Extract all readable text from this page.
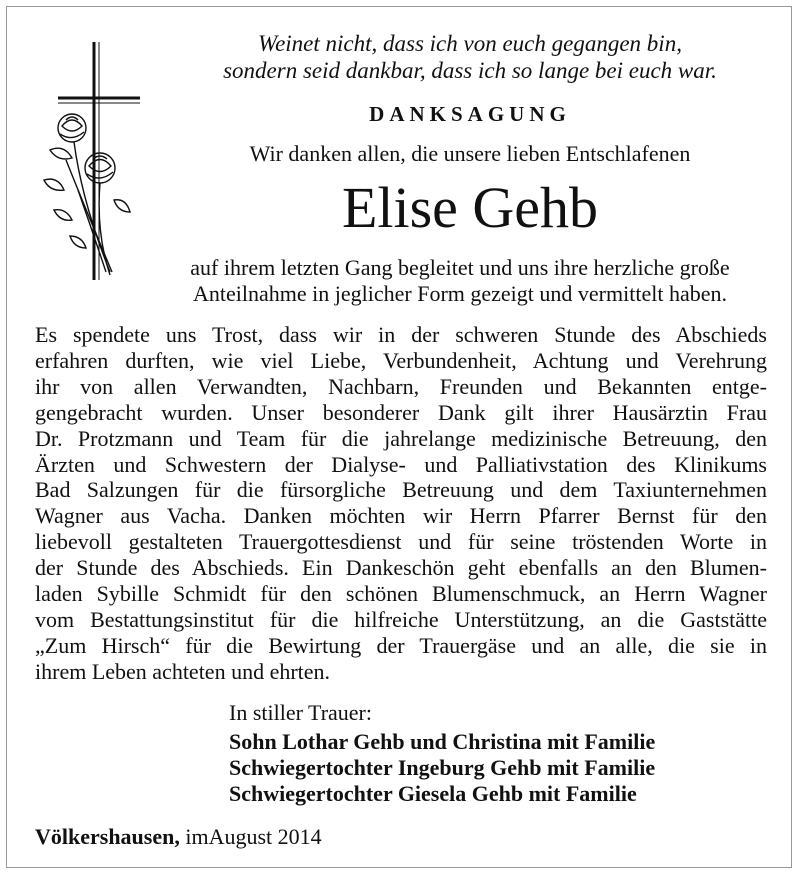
Weinet nicht, dass ich von euch gegangen bin,
sondern seid dankbar, dass ich so lange bei euch war.
DANKSAGUNG
Wir danken allen, die unsere lieben Entschlafenen
Elise Gehb
auf ihrem letzten Gang begleitet und uns ihre herzliche große
Anteilnahme in jeglicher Form gezeigt und vermittelt haben.
Es spendete uns Trost, dass wir in der schweren Stunde des Abschieds
erfahren durften, wie viel Liebe, Verbundenheit, Achtung und Verehrung
ihr von allen Verwandten, Nachbarn, Freunden und Bekannten entge-
gengebracht wurden. Unser besonderer Dank gilt ihrer Hausärztin Frau
Dr. Protzmann und Team für die jahrelange medizinische Betreuung, den
Ärzten und Schwestern der Dialyse- und Palliativstation des Klinikums
Bad Salzungen für die fürsorgliche Betreuung und dem Taxiunternehmen
Wagner aus Vacha. Danken möchten wir Herrn Pfarrer Bernst für den
liebevoll gestalteten Trauergottesdienst und für seine tröstenden Worte in
der Stunde des Abschieds. Ein Dankeschön geht ebenfalls an den Blumen-
laden Sybille Schmidt für den schönen Blumenschmuck, an Herrn Wagner
vom Bestattungsinstitut für die hilfreiche Unterstützung, an die Gaststätte
„Zum Hirsch“ für die Bewirtung der Trauergäse und an alle, die sie in
ihrem Leben achteten und ehrten.
In stiller Trauer:
Sohn Lothar Gehb und Christina mit Familie
Schwiegertochter Ingeburg Gehb mit Familie
Schwiegertochter Giesela Gehb mit Familie
Völkershausen, imAugust 2014
